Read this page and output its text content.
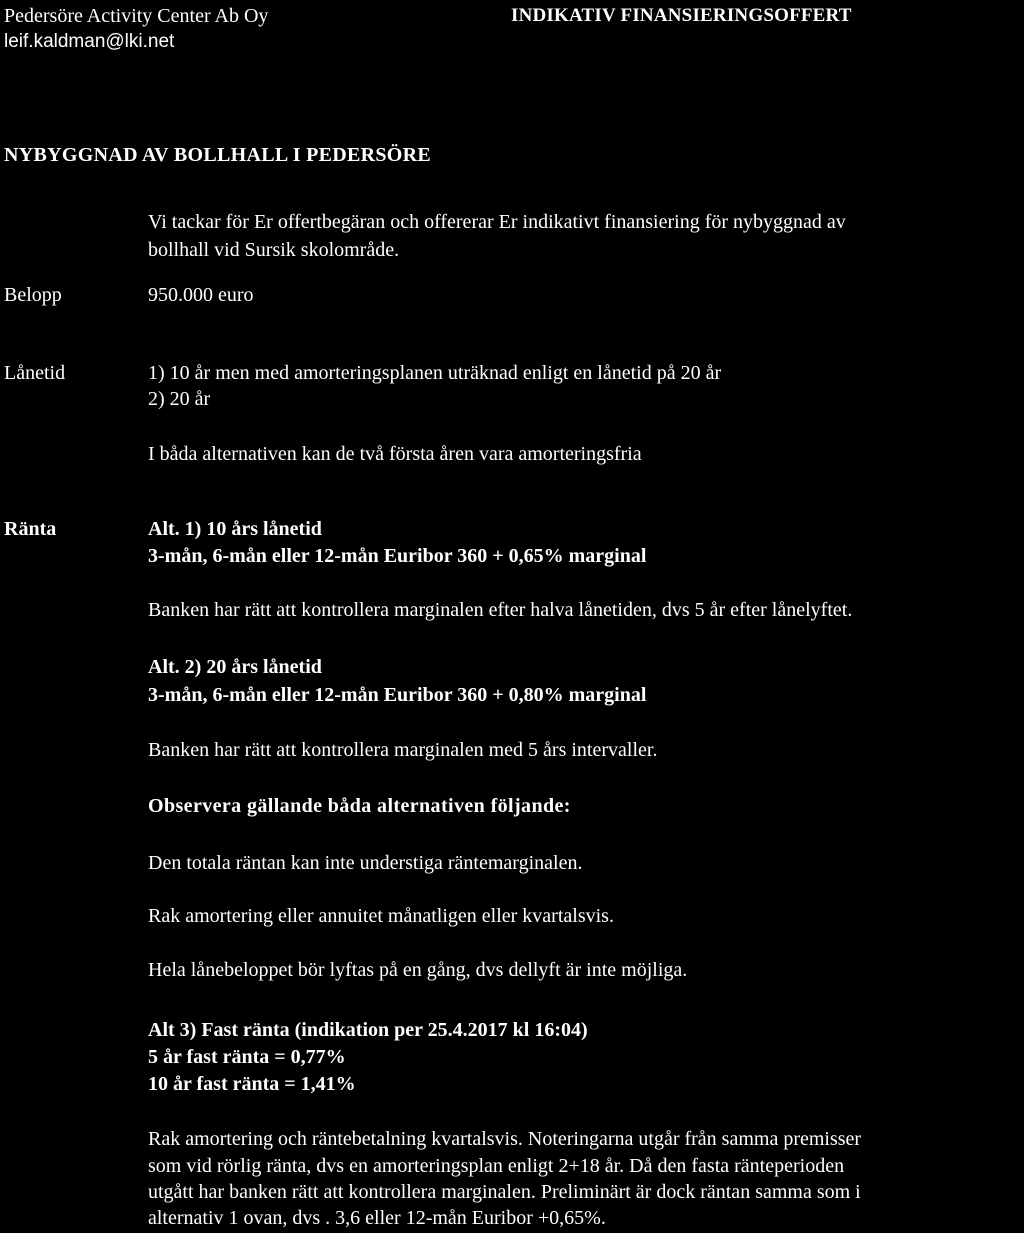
Pedersöre Activity Center Ab Oy
leif.kaldman@lki.net
INDIKATIV FINANSIERINGSOFFERT
NYBYGGNAD AV BOLLHALL I PEDERSÖRE
Vi tackar för Er offertbegäran och offererar Er indikativt finansiering för nybyggnad av
bollhall vid Sursik skolområde.
Belopp	950.000 euro
Lånetid	1) 10 år men med amorteringsplanen uträknad enligt en lånetid på 20 år
2) 20 år
I båda alternativen kan de två första åren vara amorteringsfria
Ränta	Alt. 1) 10 års lånetid
3-mån, 6-mån eller 12-mån Euribor 360 + 0,65% marginal
Banken har rätt att kontrollera marginalen efter halva lånetiden, dvs 5 år efter lånelyftet.
Alt. 2) 20 års lånetid
3-mån, 6-mån eller 12-mån Euribor 360 + 0,80% marginal
Banken har rätt att kontrollera marginalen med 5 års intervaller.
Observera gällande båda alternativen följande:
Den totala räntan kan inte understiga räntemarginalen.
Rak amortering eller annuitet månatligen eller kvartalsvis.
Hela lånebeloppet bör lyftas på en gång, dvs dellyft är inte möjliga.
Alt 3) Fast ränta (indikation per 25.4.2017 kl 16:04)
5 år fast ränta = 0,77%
10 år fast ränta = 1,41%
Rak amortering och räntebetalning kvartalsvis. Noteringarna utgår från samma premisser
som vid rörlig ränta, dvs en amorteringsplan enligt 2+18 år. Då den fasta ränteperioden
utgått har banken rätt att kontrollera marginalen. Preliminärt är dock räntan samma som i
alternativ 1 ovan, dvs . 3,6 eller 12-mån Euribor +0,65%.
